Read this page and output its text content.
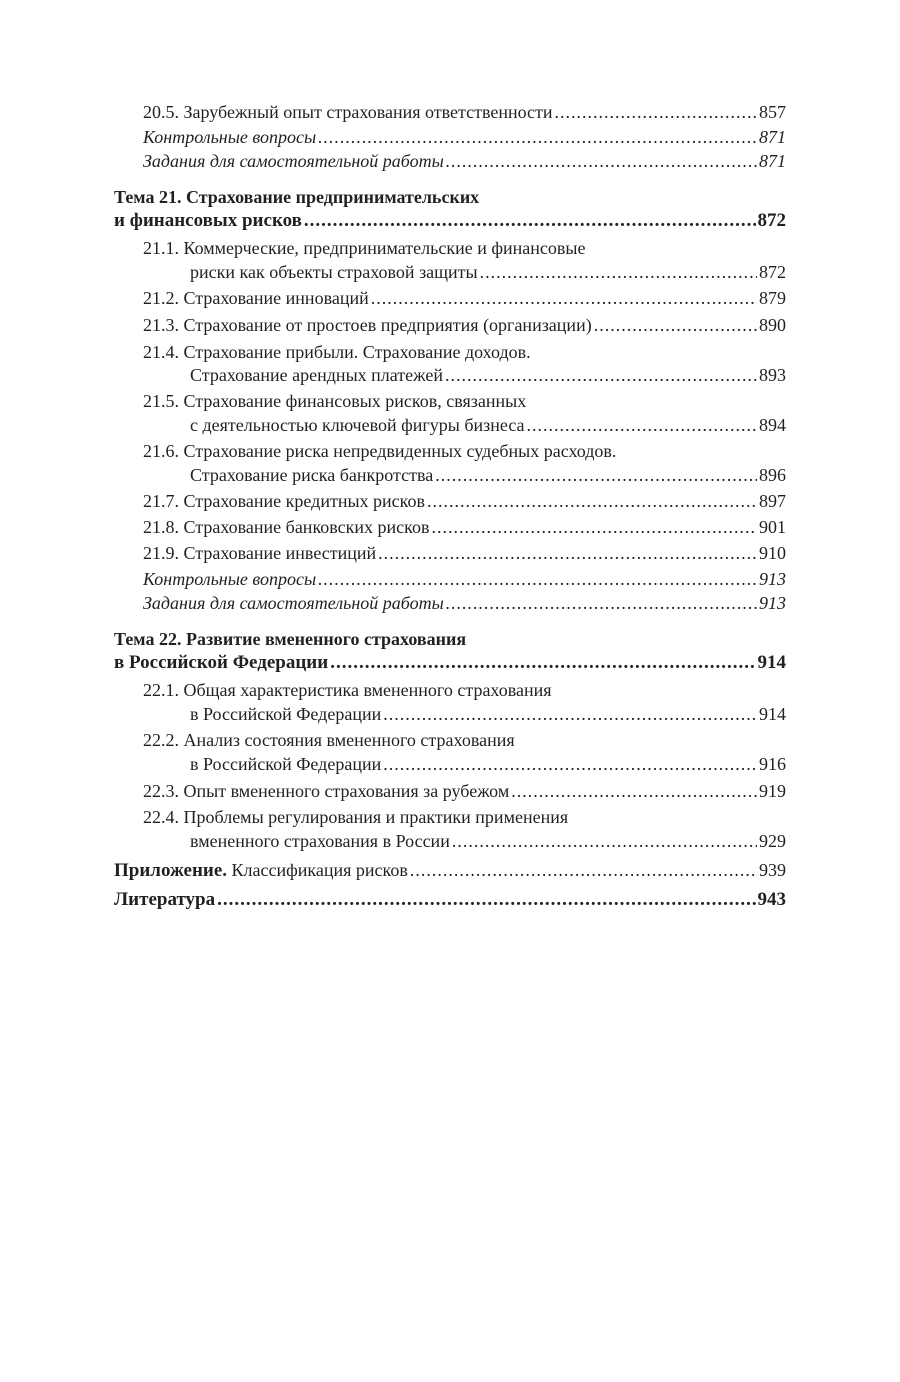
20.5. Зарубежный опыт страхования ответственности .....	857
Контрольные вопросы .....	871
Задания для самостоятельной работы .....	871
Тема 21. Страхование предпринимательских
и финансовых рисков .....	872
21.1. Коммерческие, предпринимательские и финансовые
риски как объекты страховой защиты .....	872
21.2. Страхование инноваций .....	879
21.3. Страхование от простоев предприятия (организации) .....	890
21.4. Страхование прибыли. Страхование доходов.
Страхование арендных платежей .....	893
21.5. Страхование финансовых рисков, связанных
с деятельностью ключевой фигуры бизнеса .....	894
21.6. Страхование риска непредвиденных судебных расходов.
Страхование риска банкротства .....	896
21.7. Страхование кредитных рисков .....	897
21.8. Страхование банковских рисков .....	901
21.9. Страхование инвестиций .....	910
Контрольные вопросы .....	913
Задания для самостоятельной работы .....	913
Тема 22. Развитие вмененного страхования
в Российской Федерации .....	914
22.1. Общая характеристика вмененного страхования
в Российской Федерации .....	914
22.2. Анализ состояния вмененного страхования
в Российской Федерации .....	916
22.3. Опыт вмененного страхования за рубежом .....	919
22.4. Проблемы регулирования и практики применения
вмененного страхования в России .....	929
Приложение. Классификация рисков .....	939
Литература .....	943
